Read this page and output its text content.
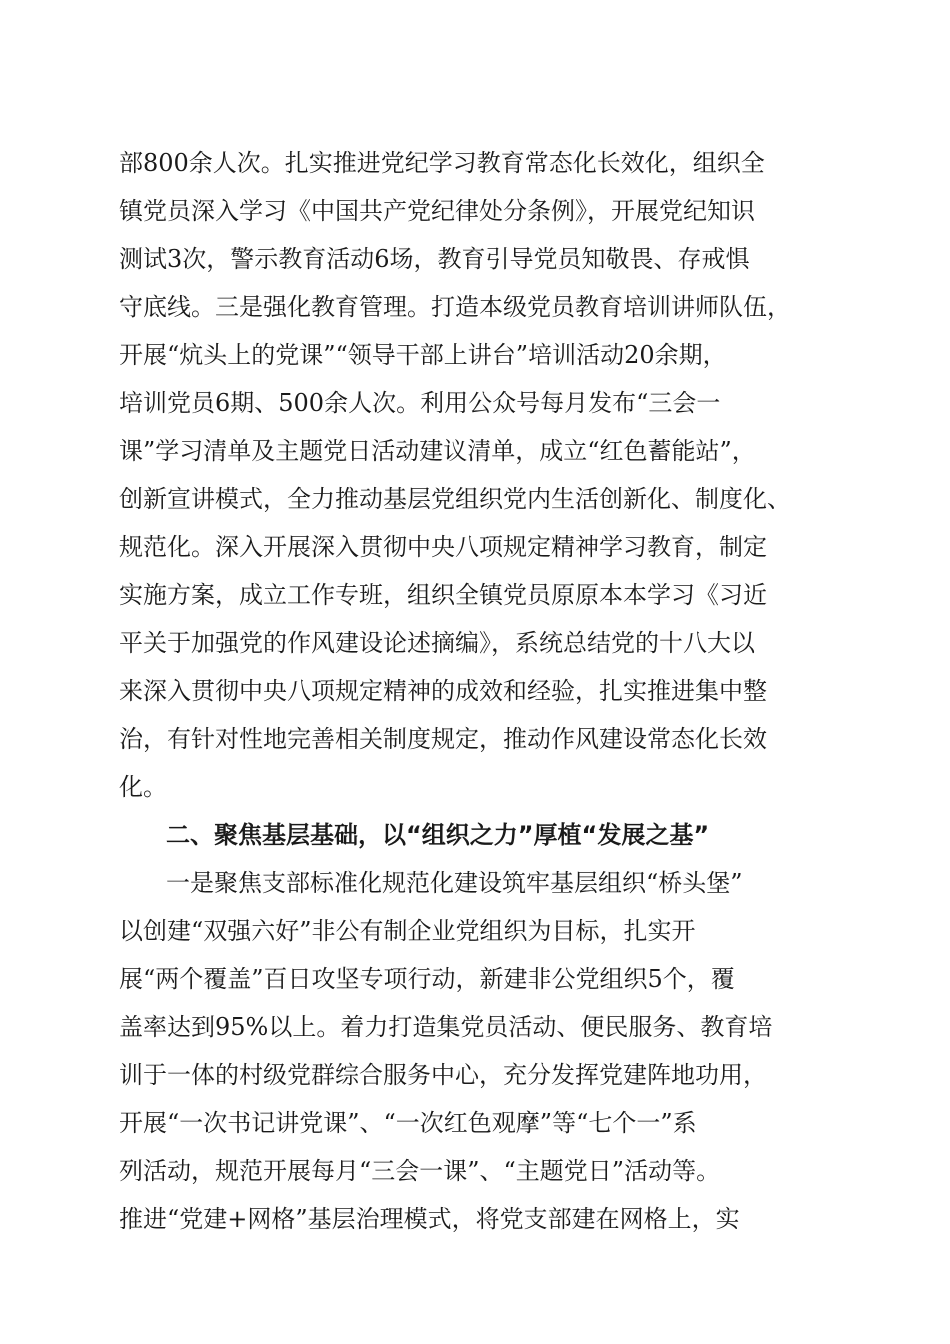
部800余人次。扎实推进党纪学习教育常态化长效化，组织全
镇党员深入学习《中国共产党纪律处分条例》，开展党纪知识
测试3次，警示教育活动6场，教育引导党员知敬畏、存戒惧
守底线。三是强化教育管理。打造本级党员教育培训讲师队伍，
开展“炕头上的党课”“领导干部上讲台”培训活动20余期，
培训党员6期、500余人次。利用公众号每月发布“三会一
课”学习清单及主题党日活动建议清单，成立“红色蓄能站”，
创新宣讲模式，全力推动基层党组织党内生活创新化、制度化、
规范化。深入开展深入贯彻中央八项规定精神学习教育，制定
实施方案，成立工作专班，组织全镇党员原原本本学习《习近
平关于加强党的作风建设论述摘编》，系统总结党的十八大以
来深入贯彻中央八项规定精神的成效和经验，扎实推进集中整
治，有针对性地完善相关制度规定，推动作风建设常态化长效
化。
二、聚焦基层基础，以“组织之力”厚植“发展之基”
一是聚焦支部标准化规范化建设筑牢基层组织“桥头堡”
以创建“双强六好”非公有制企业党组织为目标，扎实开
展“两个覆盖”百日攻坚专项行动，新建非公党组织5个，覆
盖率达到95%以上。着力打造集党员活动、便民服务、教育培
训于一体的村级党群综合服务中心，充分发挥党建阵地功用，
开展“一次书记讲党课”、“一次红色观摩”等“七个一”系
列活动，规范开展每月“三会一课”、“主题党日”活动等。
推进“党建+网格”基层治理模式，将党支部建在网格上，实
